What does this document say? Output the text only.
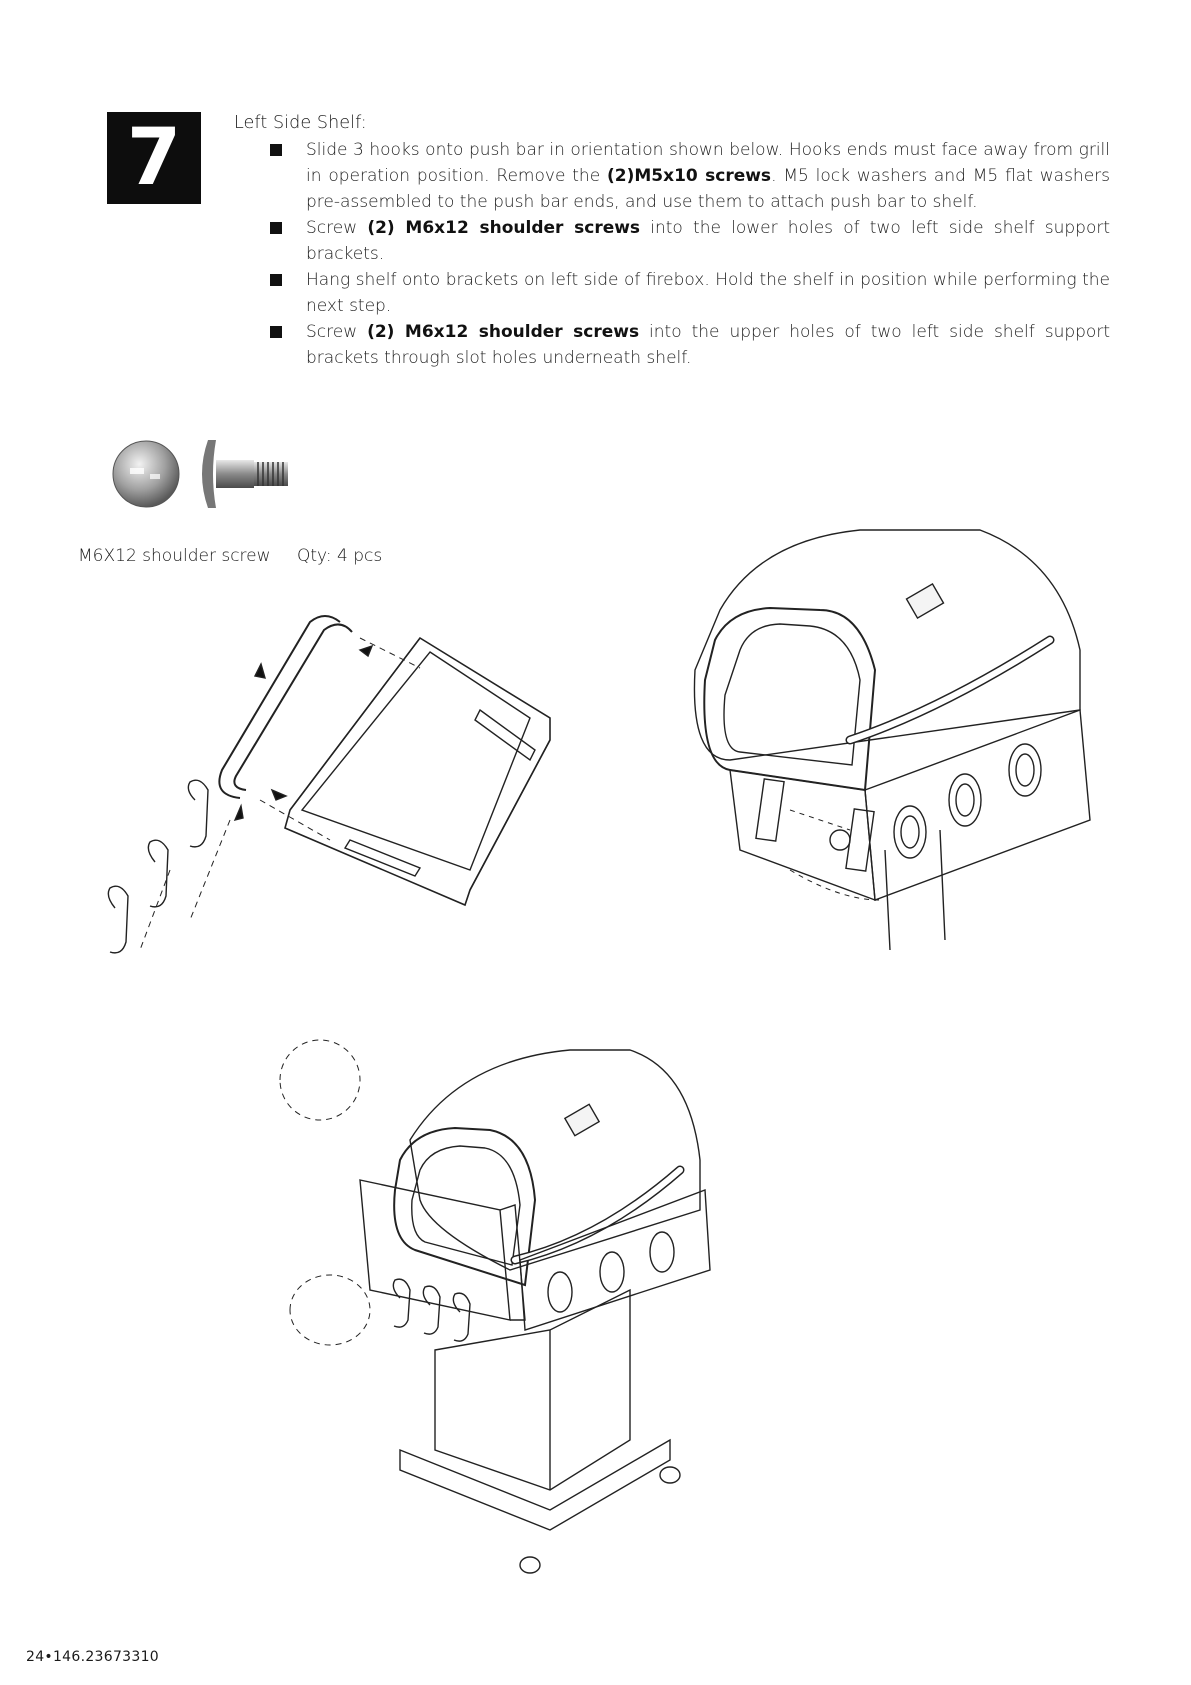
7	Left Side Shelf:
Slide 3 hooks onto push bar in orientation shown below. Hooks ends must face away from grill in operation position. Remove the (2)M5x10 screws. M5 lock washers and M5 flat washers pre-assembled to the push bar ends, and use them to attach push bar to shelf.
Screw (2) M6x12 shoulder screws into the lower holes of two left side shelf support brackets.
Hang shelf onto brackets on left side of firebox. Hold the shelf in position while performing the next step.
Screw (2) M6x12 shoulder screws into the upper holes of two left side shelf support brackets through slot holes underneath shelf.
M6X12 shoulder screw Qty: 4 pcs
24•146.23673310
